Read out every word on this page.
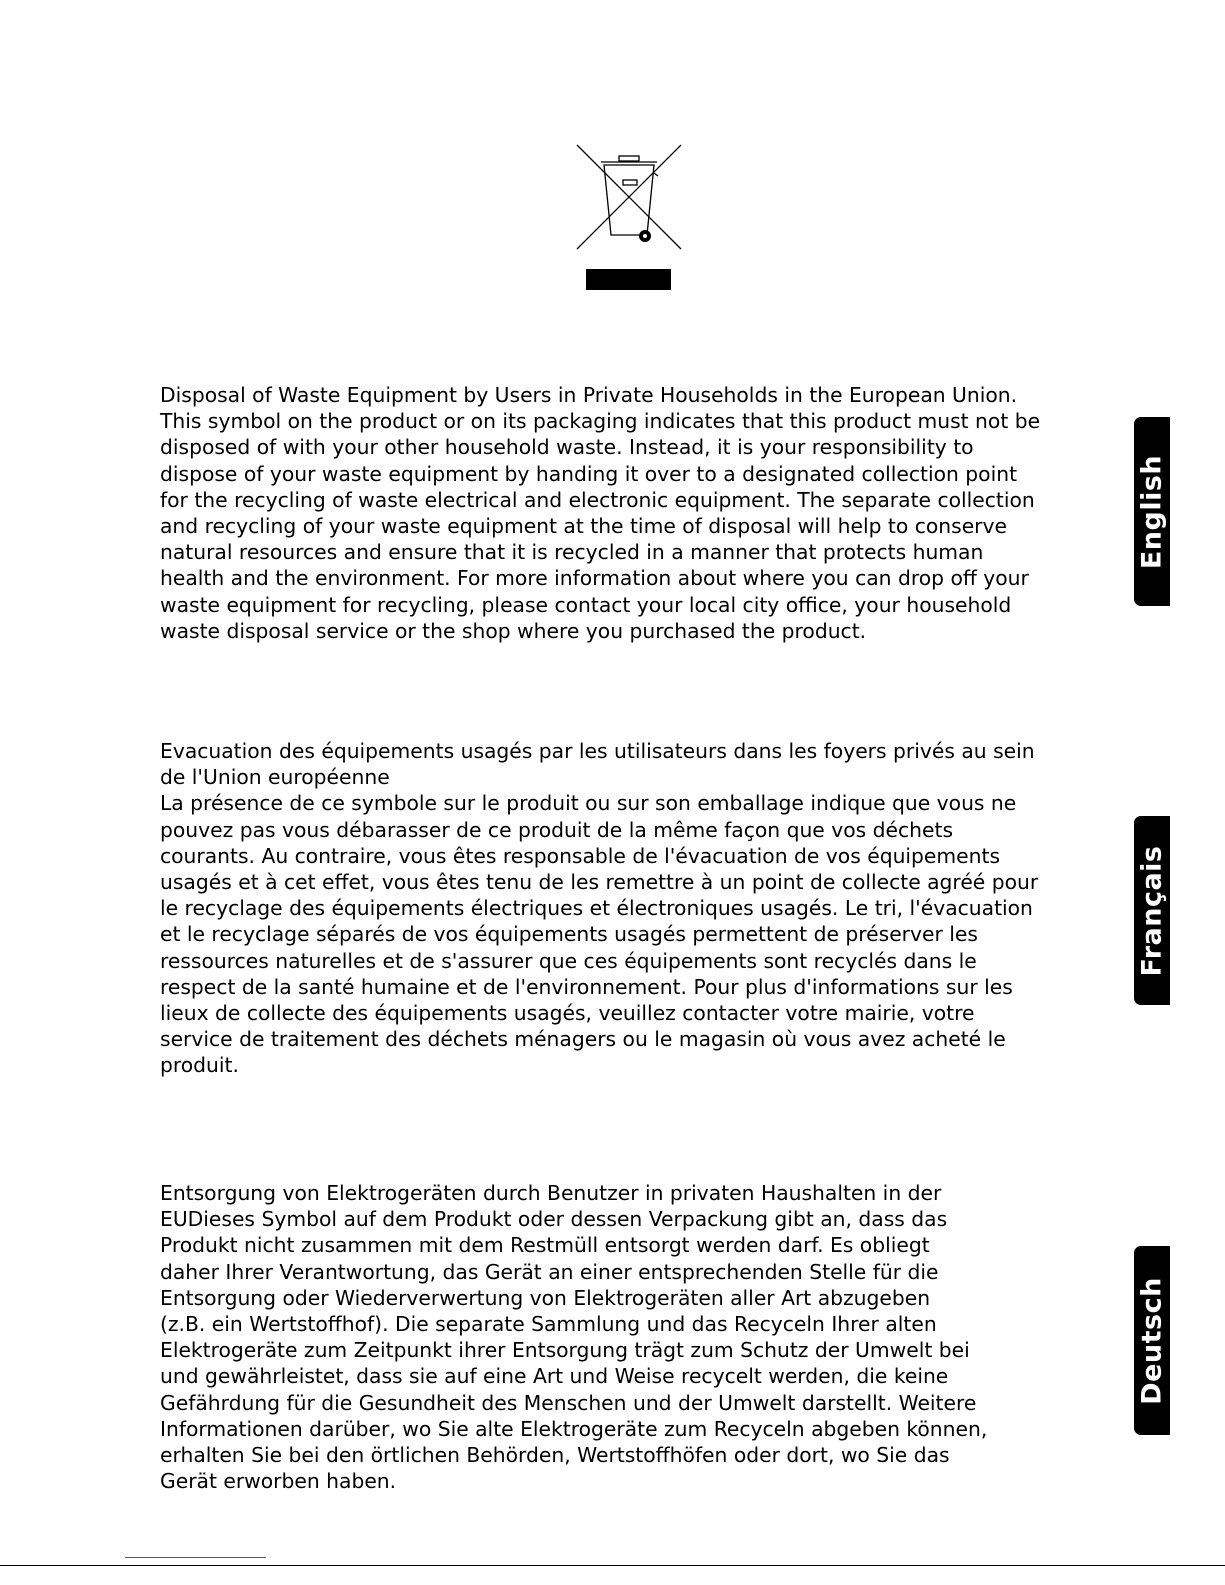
Disposal of Waste Equipment by Users in Private Households in the European Union.
This symbol on the product or on its packaging indicates that this product must not be
disposed of with your other household waste. Instead, it is your responsibility to
dispose of your waste equipment by handing it over to a designated collection point
for the recycling of waste electrical and electronic equipment. The separate collection
and recycling of your waste equipment at the time of disposal will help to conserve
natural resources and ensure that it is recycled in a manner that protects human
health and the environment. For more information about where you can drop off your
waste equipment for recycling, please contact your local city office, your household
waste disposal service or the shop where you purchased the product.
Evacuation des équipements usagés par les utilisateurs dans les foyers privés au sein
de l'Union européenne
La présence de ce symbole sur le produit ou sur son emballage indique que vous ne
pouvez pas vous débarasser de ce produit de la même façon que vos déchets
courants. Au contraire, vous êtes responsable de l'évacuation de vos équipements
usagés et à cet effet, vous êtes tenu de les remettre à un point de collecte agréé pour
le recyclage des équipements électriques et électroniques usagés. Le tri, l'évacuation
et le recyclage séparés de vos équipements usagés permettent de préserver les
ressources naturelles et de s'assurer que ces équipements sont recyclés dans le
respect de la santé humaine et de l'environnement. Pour plus d'informations sur les
lieux de collecte des équipements usagés, veuillez contacter votre mairie, votre
service de traitement des déchets ménagers ou le magasin où vous avez acheté le
produit.
Entsorgung von Elektrogeräten durch Benutzer in privaten Haushalten in der
EUDieses Symbol auf dem Produkt oder dessen Verpackung gibt an, dass das
Produkt nicht zusammen mit dem Restmüll entsorgt werden darf. Es obliegt
daher Ihrer Verantwortung, das Gerät an einer entsprechenden Stelle für die
Entsorgung oder Wiederverwertung von Elektrogeräten aller Art abzugeben
(z.B. ein Wertstoffhof). Die separate Sammlung und das Recyceln Ihrer alten
Elektrogeräte zum Zeitpunkt ihrer Entsorgung trägt zum Schutz der Umwelt bei
und gewährleistet, dass sie auf eine Art und Weise recycelt werden, die keine
Gefährdung für die Gesundheit des Menschen und der Umwelt darstellt. Weitere
Informationen darüber, wo Sie alte Elektrogeräte zum Recyceln abgeben können,
erhalten Sie bei den örtlichen Behörden, Wertstoffhöfen oder dort, wo Sie das
Gerät erworben haben.
English
Français
Deutsch
